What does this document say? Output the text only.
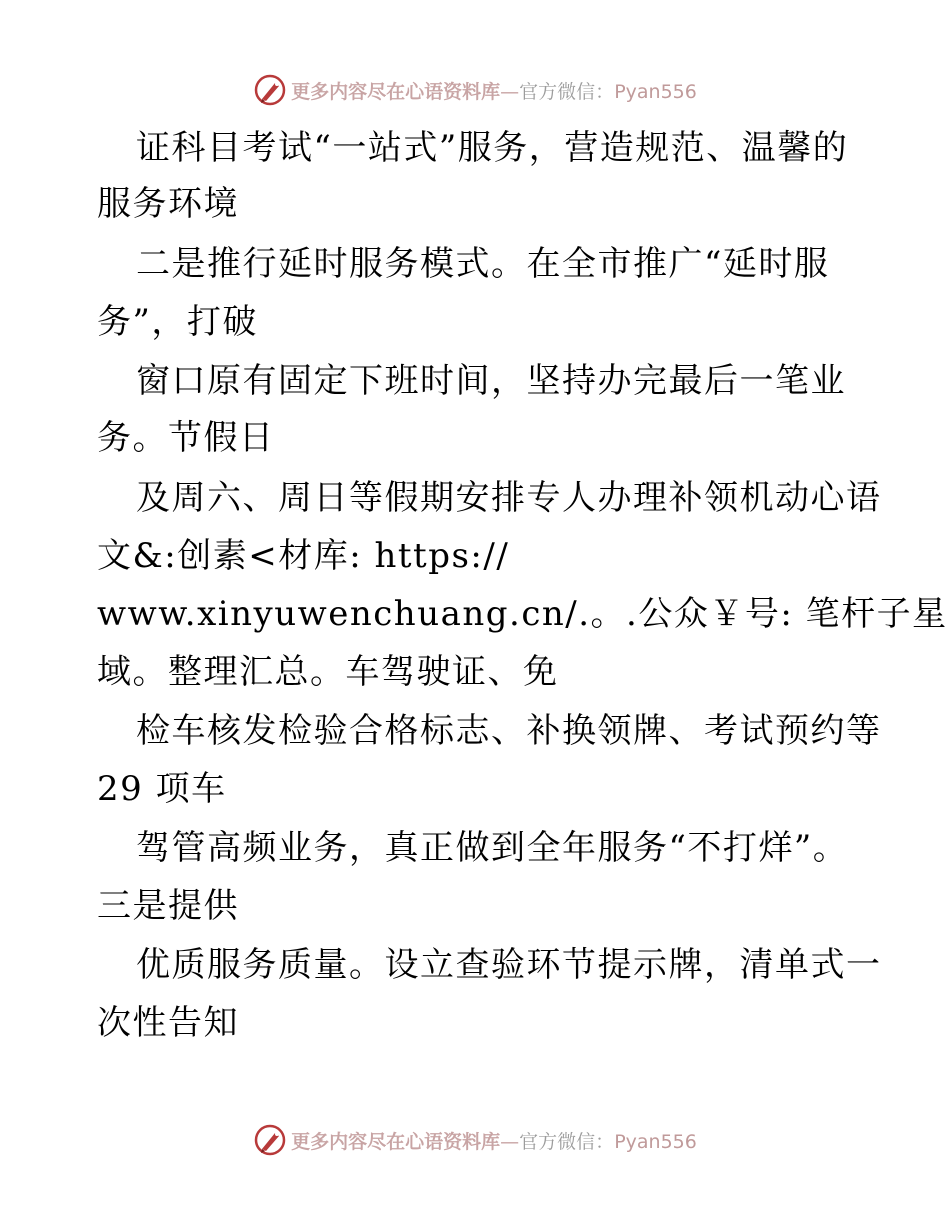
更多内容尽在心语资料库—官方微信：Pyan556
证科目考试“一站式”服务，营造规范、温馨的
服务环境
二是推行延时服务模式。在全市推广“延时服
务”，打破
窗口原有固定下班时间，坚持办完最后一笔业
务。节假日
及周六、周日等假期安排专人办理补领机动心语
文&:创素<材库: https://
www.xinyuwenchuang.cn/.。.公众￥号: 笔杆子星
域。整理汇总。车驾驶证、免
检车核发检验合格标志、补换领牌、考试预约等
29 项车
驾管高频业务，真正做到全年服务“不打烊”。
三是提供
优质服务质量。设立查验环节提示牌，清单式一
次性告知
更多内容尽在心语资料库—官方微信：Pyan556
